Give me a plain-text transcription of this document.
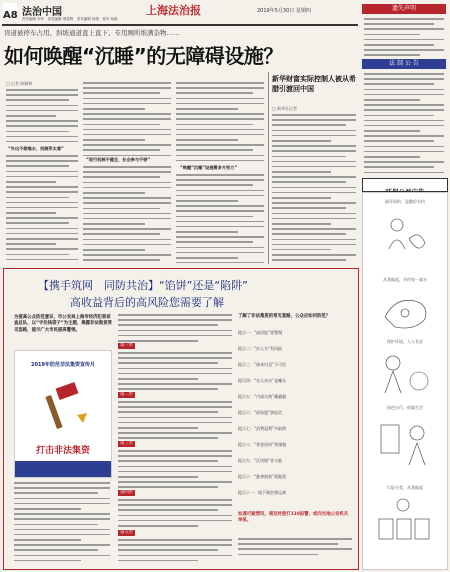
A8 法治中国
责任编辑 李东　 视觉编辑 邢延辉　 美术编辑 杨娟　 校对 杨嘉
上海法治报	2019年5月30日 星期四	遗失声明
法 制 公 告
最环保的，是勤俭节约
从我做起，节约每一滴水
保护环境，人人有责
绿色出行，低碳生活
垃圾分类，从我做起
盲道被停车占用、斜坡通道直上直下、专用厕所堆满杂物……
如何唤醒“沉睡”的无障碍设施？
□ 记者 陈颖婷
“外出不敢喝水，找厕所太难”
“现行机制不健全，社会参与不够”
“唤醒“沉睡”设施需多方努力”
新华财富实际控制人被从希腊引渡回中国
□ 新华社记者
【携手筑网　同防共治】“馅饼”还是“陷阱”
高收益背后的高风险您需要了解
为提高公众防范意识，市公安局上海市经济犯罪侦查总队，以“守住钱袋子”为主题，揭露非法集资常见套路，提示广大市民提高警惕。
2019年防范非法集资宣传月
打击非法集资
第一步
第二步
第三步
第四步
第五步
了解了非法集资的常见套路，公众应如何防范？
提示一：“高回报”要警惕
提示二：“拉人头”有风险
提示三：“保本付息”不可信
提示四：“名人站台”是噱头
提示五：“内部认购”藏猫腻
提示六：“原始股”别轻信
提示七：“消费返利”多陷阱
提示八：“养老投资”须谨慎
提示九：“区块链”非万能
提示十：“慈善捐款”需甄别
提示十一：线下聚会要远离
如遇可疑情况，请及时拨打110报警，或向当地公安机关举报。
